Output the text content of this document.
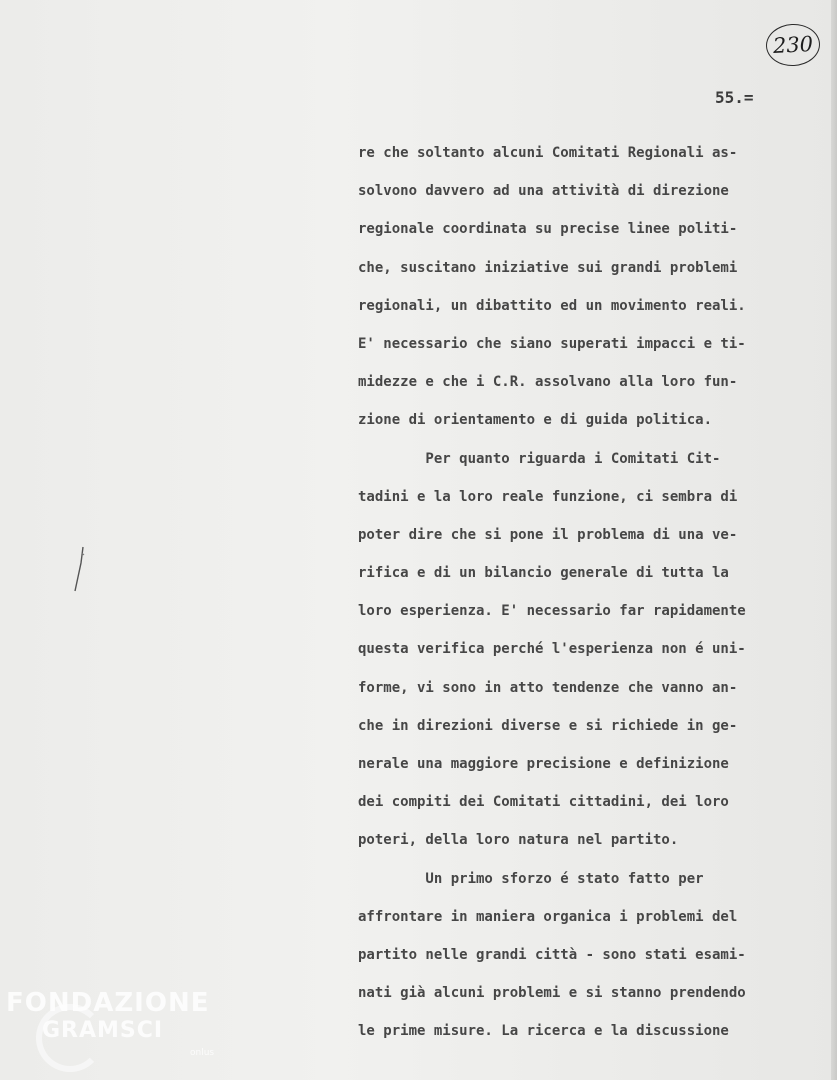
230
55.=
re che soltanto alcuni Comitati Regionali as-
solvono davvero ad una attività di direzione
regionale coordinata su precise linee politi-
che, suscitano iniziative sui grandi problemi
regionali, un dibattito ed un movimento reali.
E' necessario che siano superati impacci e ti-
midezze e che i C.R. assolvano alla loro fun-
zione di orientamento e di guida politica.
Per quanto riguarda i Comitati Cit-
tadini e la loro reale funzione, ci sembra di
poter dire che si pone il problema di una ve-
rifica e di un bilancio generale di tutta la
loro esperienza. E' necessario far rapidamente
questa verifica perché l'esperienza non é uni-
forme, vi sono in atto tendenze che vanno an-
che in direzioni diverse e si richiede in ge-
nerale una maggiore precisione e definizione
dei compiti dei Comitati cittadini, dei loro
poteri, della loro natura nel partito.
Un primo sforzo é stato fatto per
affrontare in maniera organica i problemi del
partito nelle grandi città - sono stati esami-
nati già alcuni problemi e si stanno prendendo
le prime misure. La ricerca e la discussione
FONDAZIONE
GRAMSCI
onlus
